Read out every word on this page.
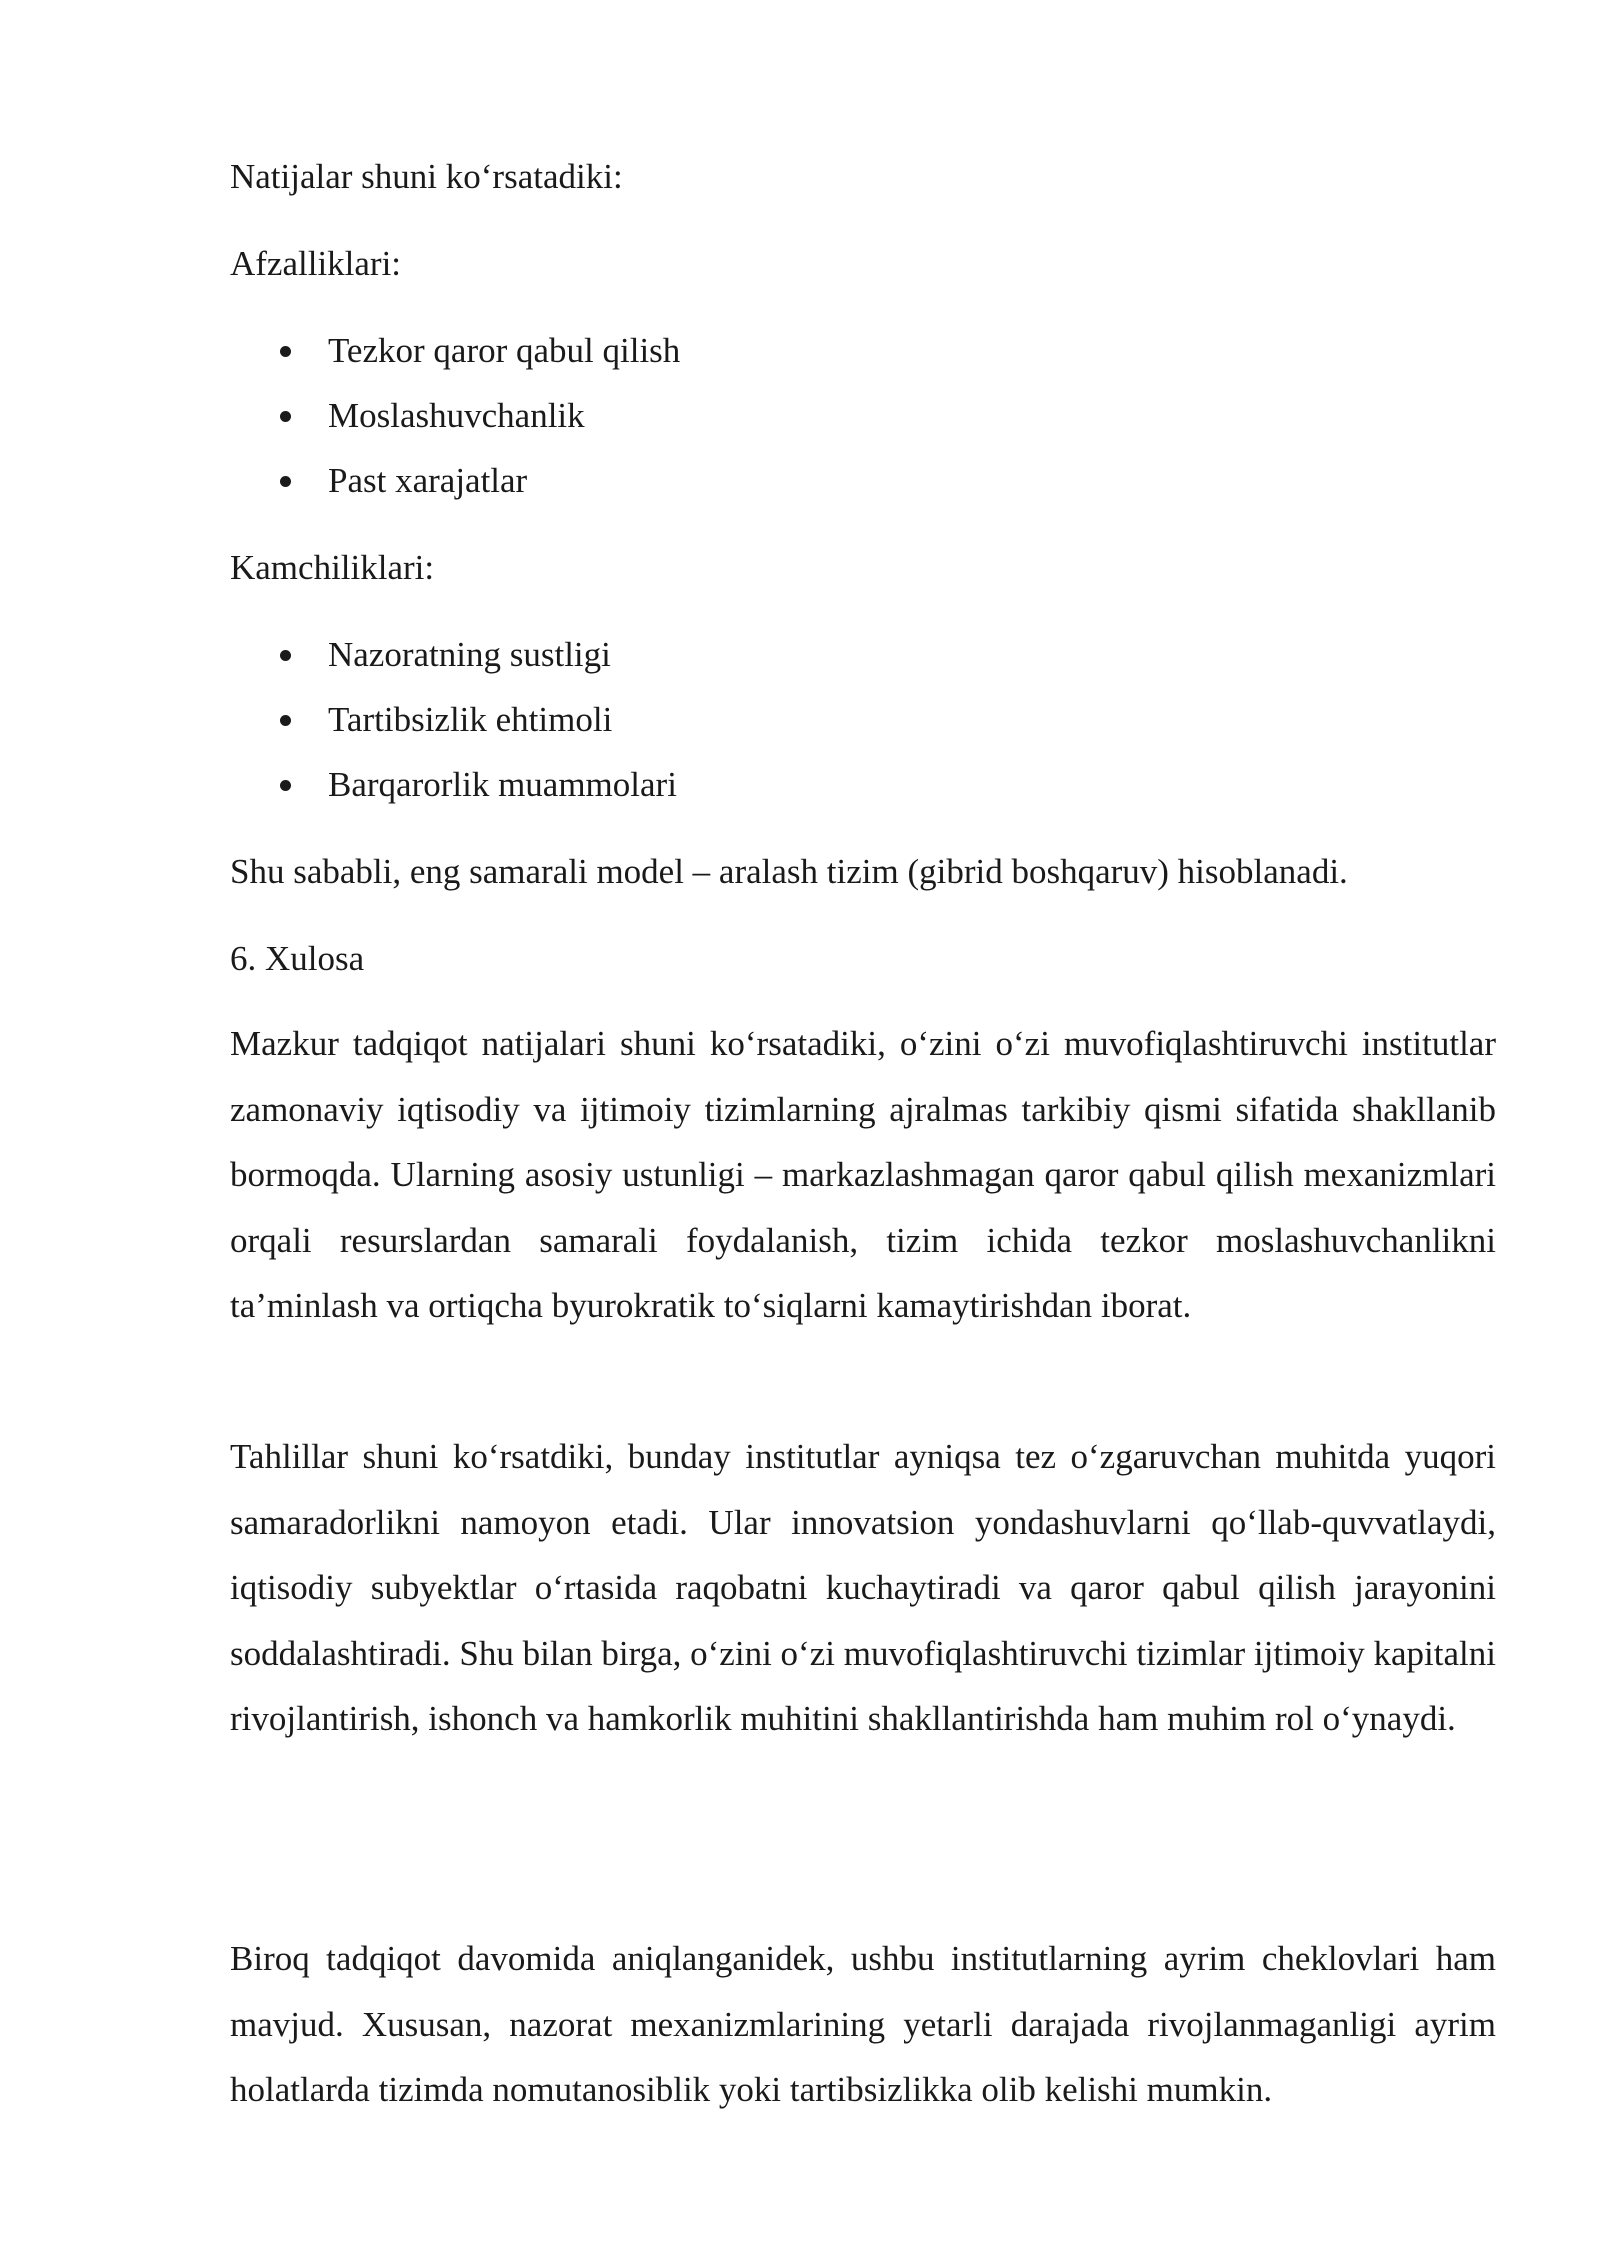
Natijalar shuni ko‘rsatadiki:
Afzalliklari:
Tezkor qaror qabul qilish
Moslashuvchanlik
Past xarajatlar
Kamchiliklari:
Nazoratning sustligi
Tartibsizlik ehtimoli
Barqarorlik muammolari
Shu sababli, eng samarali model – aralash tizim (gibrid boshqaruv) hisoblanadi.
6. Xulosa
Mazkur tadqiqot natijalari shuni ko‘rsatadiki, o‘zini o‘zi muvofiqlashtiruvchi institutlar zamonaviy iqtisodiy va ijtimoiy tizimlarning ajralmas tarkibiy qismi sifatida shakllanib bormoqda. Ularning asosiy ustunligi – markazlashmagan qaror qabul qilish mexanizmlari orqali resurslardan samarali foydalanish, tizim ichida tezkor moslashuvchanlikni ta’minlash va ortiqcha byurokratik to‘siqlarni kamaytirishdan iborat.
Tahlillar shuni ko‘rsatdiki, bunday institutlar ayniqsa tez o‘zgaruvchan muhitda yuqori samaradorlikni namoyon etadi. Ular innovatsion yondashuvlarni qo‘llab-quvvatlaydi, iqtisodiy subyektlar o‘rtasida raqobatni kuchaytiradi va qaror qabul qilish jarayonini soddalashtiradi. Shu bilan birga, o‘zini o‘zi muvofiqlashtiruvchi tizimlar ijtimoiy kapitalni rivojlantirish, ishonch va hamkorlik muhitini shakllantirishda ham muhim rol o‘ynaydi.
Biroq tadqiqot davomida aniqlanganidek, ushbu institutlarning ayrim cheklovlari ham mavjud. Xususan, nazorat mexanizmlarining yetarli darajada rivojlanmaganligi ayrim holatlarda tizimda nomutanosiblik yoki tartibsizlikka olib kelishi mumkin.
